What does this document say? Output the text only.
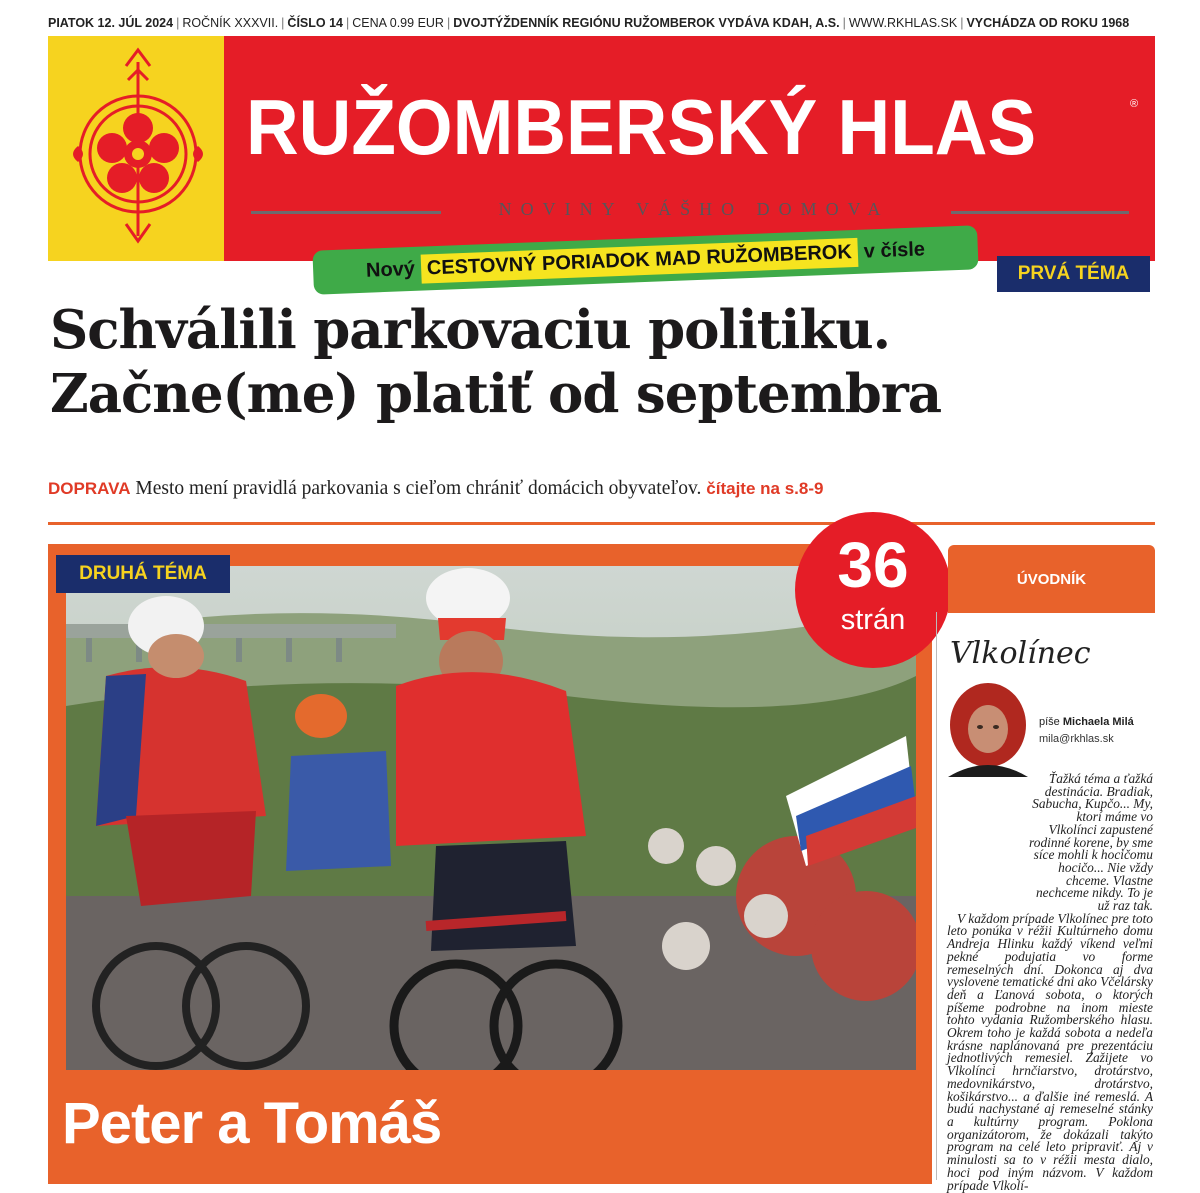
PIATOK 12. JÚL 2024 | ROČNÍK XXXVII. | ČÍSLO 14 | CENA 0.99 EUR | DVOJTÝŽDENNÍK REGIÓNU RUŽOMBEROK VYDÁVA KDAH, A.S. | WWW.RKHLAS.SK | VYCHÁDZA OD ROKU 1968
RUŽOMBERSKÝ HLAS	®
NOVINY VÁŠHO DOMOVA
Nový CESTOVNÝ PORIADOK MAD RUŽOMBEROK v čísle
PRVÁ TÉMA
Schválili parkovaciu politiku.
Začne(me) platiť od septembra
DOPRAVA Mesto mení pravidlá parkovania s cieľom chrániť domácich obyvateľov. čítajte na s.8-9
DRUHÁ TÉMA	36
strán
Peter a Tomáš
ÚVODNÍK
Vlkolínec
píše Michaela Milá
mila@rkhlas.sk

Ťažká téma a ťažká destinácia. Bradiak, Sabucha, Kupčo... My, ktorí máme vo Vlkolínci zapustené rodinné korene, by sme síce mohli k hocičomu hocičo... Nie vždy chceme. Vlastne nechceme nikdy. To je už raz tak.

V každom prípade Vlkolínec pre toto leto ponúka v réžii Kultúrneho domu Andreja Hlinku každý víkend veľmi pekné podujatia vo forme remeselných dní. Dokonca aj dva vyslovene tematické dni ako Včelársky deň a Ľanová sobota, o ktorých píšeme podrobne na inom mieste tohto vydania Ružomberského hlasu. Okrem toho je každá sobota a nedeľa krásne naplánovaná pre prezentáciu jednotlivých remesiel. Zažijete vo Vlkolínci hrnčiarstvo, drotárstvo, medovnikárstvo, drotárstvo, košikárstvo... a ďalšie iné remeslá. A budú nachystané aj remeselné stánky a kultúrny program. Poklona organizátorom, že dokázali takýto program na celé leto pripraviť. Aj v minulosti sa to v réžii mesta dialo, hoci pod iným názvom. V každom prípade Vlkolí-
